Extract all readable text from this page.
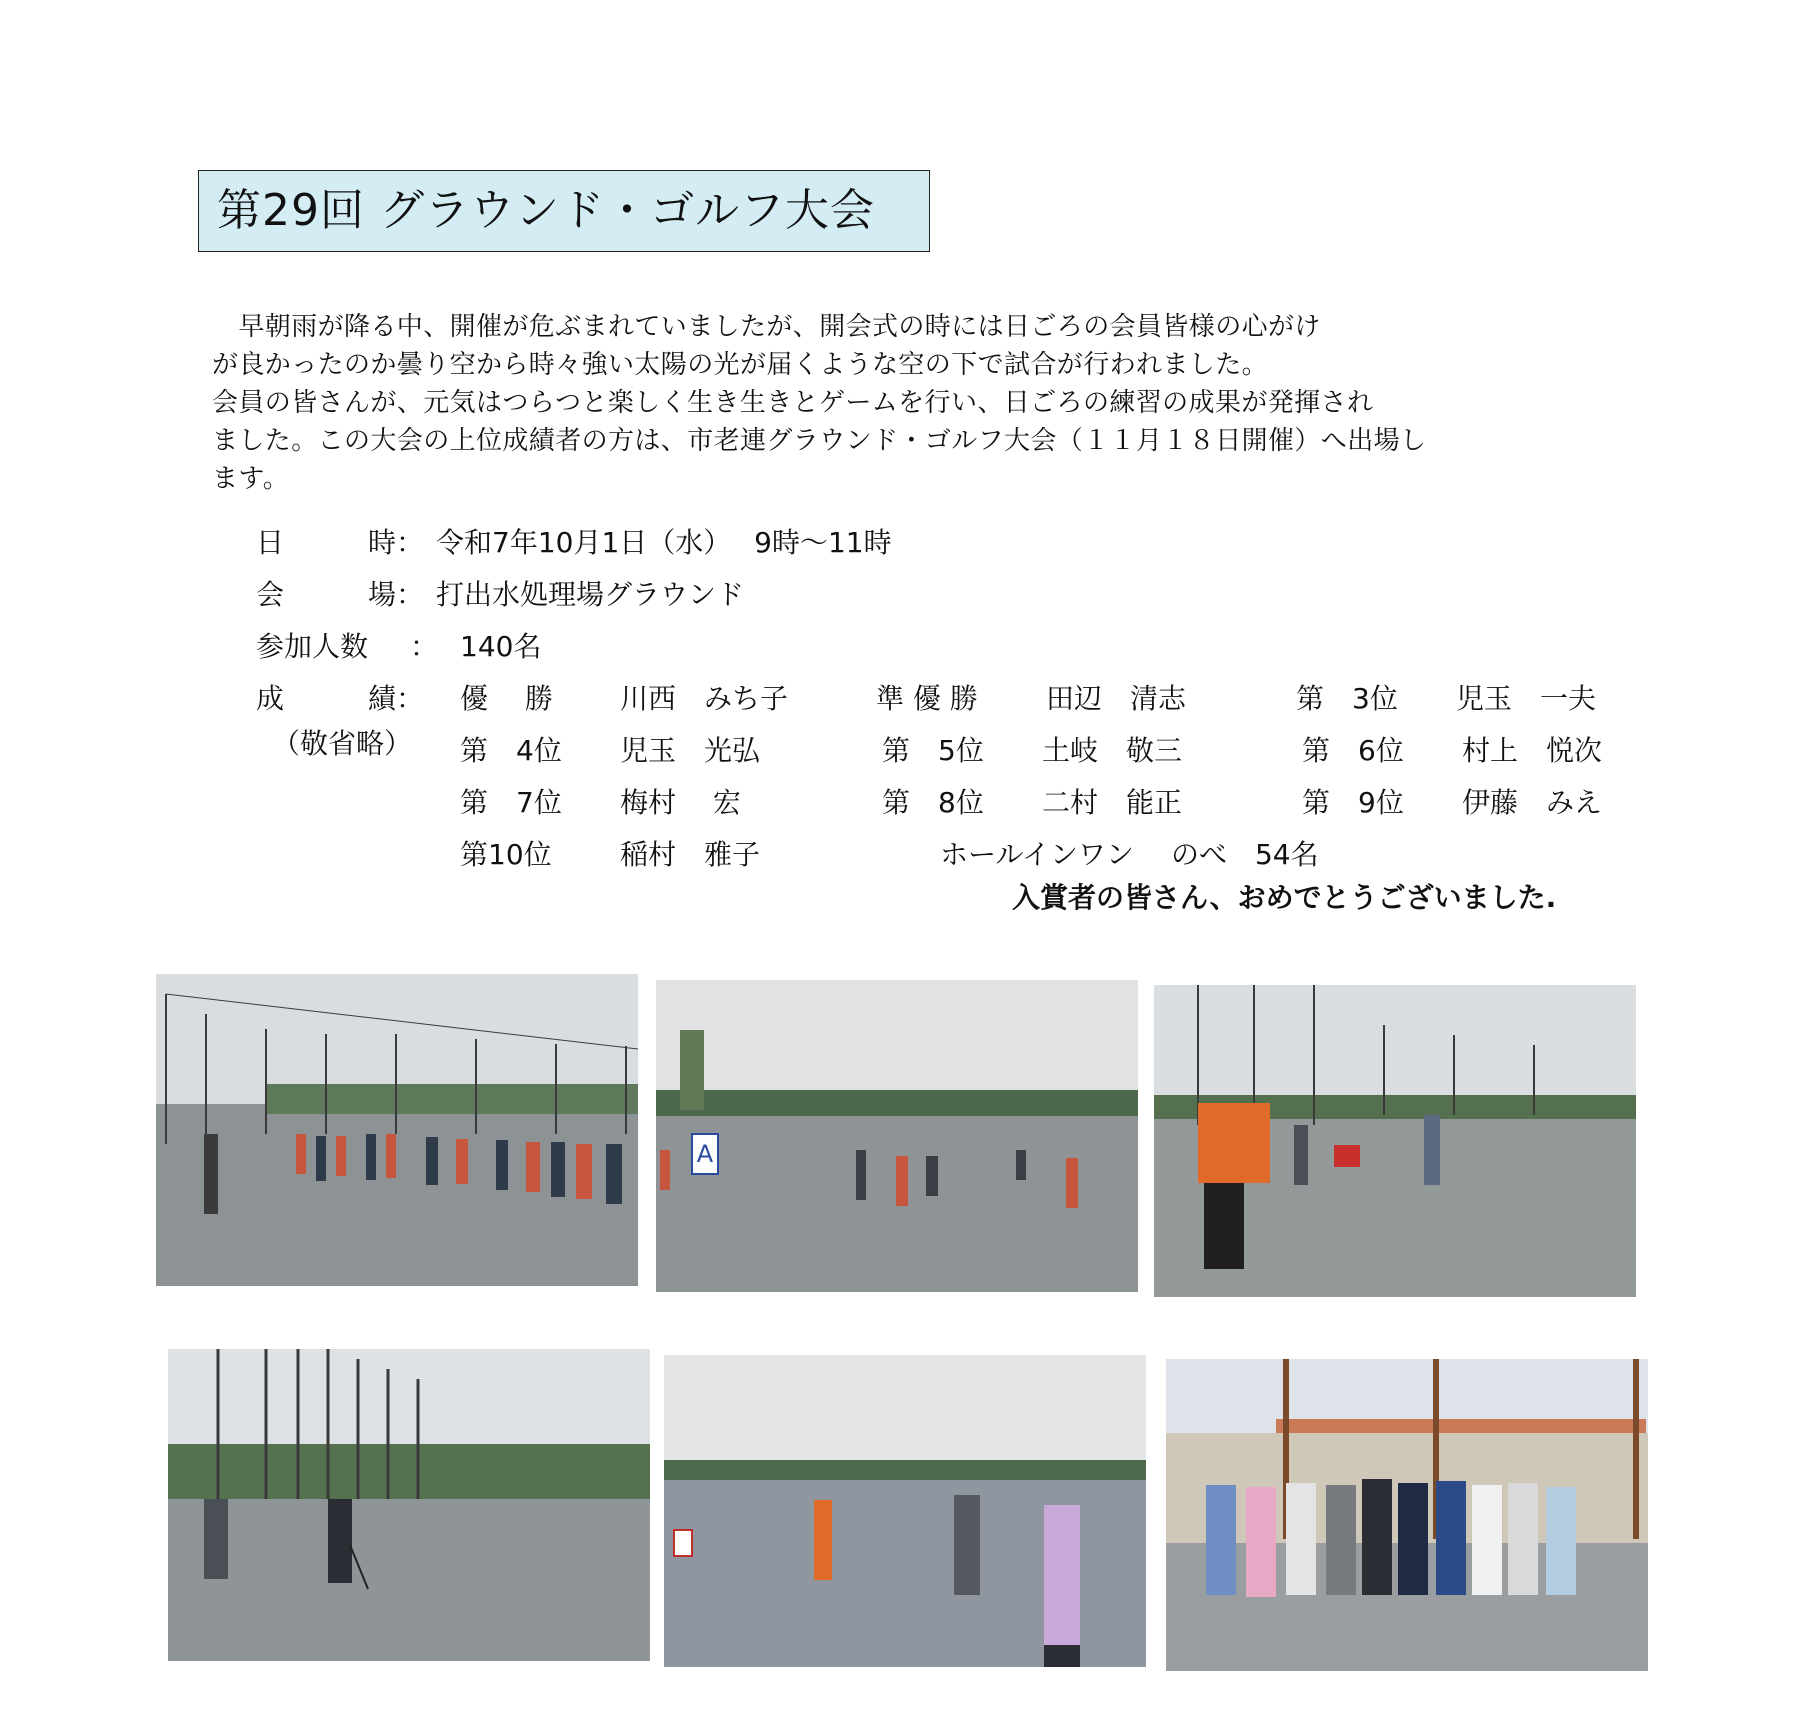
第29回 グラウンド・ゴルフ大会
　早朝雨が降る中、開催が危ぶまれていましたが、開会式の時には日ごろの会員皆様の心がけ
が良かったのか曇り空から時々強い太陽の光が届くような空の下で試合が行われました。
会員の皆さんが、元気はつらつと楽しく生き生きとゲームを行い、日ごろの練習の成果が発揮され
ました。この大会の上位成績者の方は、市老連グラウンド・ゴルフ大会（１１月１８日開催）へ出場し
ます。
日	時 ： 令和7年10月1日（水）　 9時～11時
会	場 ： 打出水処理場グラウンド
参加人数	： 140名
成	績 ：
（敬省略）
優　 勝 川西　みち子	準 優 勝 田辺　清志	第　3位 児玉　一夫
第　4位 児玉　光弘	第　5位 土岐　敬三	第　6位 村上　悦次
第　7位 梅村　 宏	第　8位 二村　能正	第　9位 伊藤　みえ
第10位 稲村　雅子	ホールインワン　 のべ　54名
入賞者の皆さん、おめでとうございました.
A
